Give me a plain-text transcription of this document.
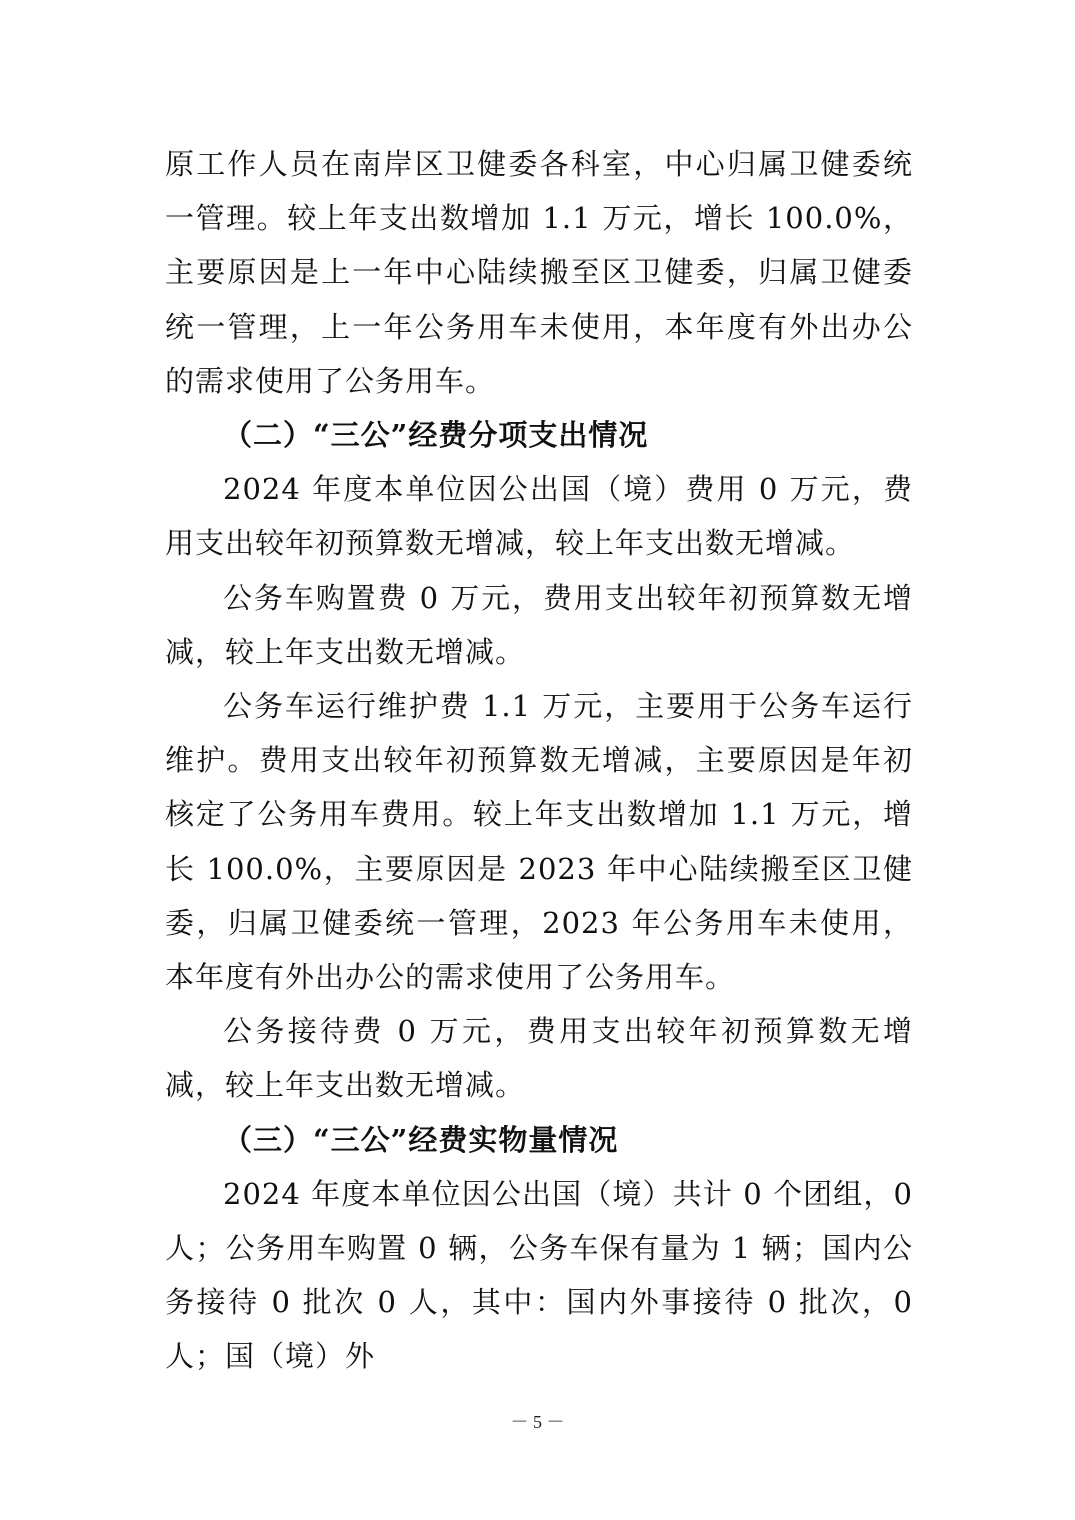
原工作人员在南岸区卫健委各科室，中心归属卫健委统一管理。较上年支出数增加 1.1 万元，增长 100.0%，主要原因是上一年中心陆续搬至区卫健委，归属卫健委统一管理，上一年公务用车未使用，本年度有外出办公的需求使用了公务用车。

（二）“三公”经费分项支出情况

2024 年度本单位因公出国（境）费用 0 万元，费用支出较年初预算数无增减，较上年支出数无增减。

公务车购置费 0 万元，费用支出较年初预算数无增减，较上年支出数无增减。

公务车运行维护费 1.1 万元，主要用于公务车运行维护。费用支出较年初预算数无增减，主要原因是年初核定了公务用车费用。较上年支出数增加 1.1 万元，增长 100.0%，主要原因是 2023 年中心陆续搬至区卫健委，归属卫健委统一管理，2023 年公务用车未使用，本年度有外出办公的需求使用了公务用车。

公务接待费 0 万元，费用支出较年初预算数无增减，较上年支出数无增减。

（三）“三公”经费实物量情况

2024 年度本单位因公出国（境）共计 0 个团组，0 人；公务用车购置 0 辆，公务车保有量为 1 辆；国内公务接待 0 批次 0 人，其中：国内外事接待 0 批次，0 人；国（境）外

－ 5 －
